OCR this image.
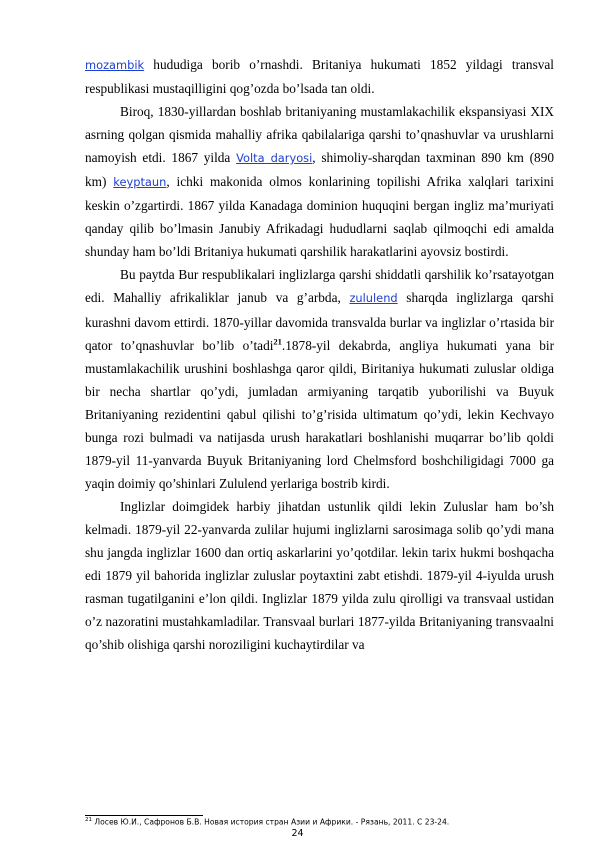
mozambik hududiga borib o’rnashdi. Britaniya hukumati 1852 yildagi transval respublikasi mustaqilligini qog’ozda bo’lsada tan oldi.

Biroq, 1830-yillardan boshlab britaniyaning mustamlakachilik ekspansiyasi XIX asrning qolgan qismida mahalliy afrika qabilalariga qarshi to’qnashuvlar va urushlarni namoyish etdi. 1867 yilda Volta daryosi, shimoliy-sharqdan taxminan 890 km (890 km) keyptaun, ichki makonida olmos konlarining topilishi Afrika xalqlari tarixini keskin o’zgartirdi. 1867 yilda Kanadaga dominion huquqini bergan ingliz ma’muriyati qanday qilib bo’lmasin Janubiy Afrikadagi hududlarni saqlab qilmoqchi edi amalda shunday ham bo’ldi Britaniya hukumati qarshilik harakatlarini ayovsiz bostirdi.

Bu paytda Bur respublikalari inglizlarga qarshi shiddatli qarshilik ko’rsatayotgan edi. Mahalliy afrikaliklar janub va g’arbda, zululend sharqda inglizlarga qarshi kurashni davom ettirdi. 1870-yillar davomida transvalda burlar va inglizlar o’rtasida bir qator to’qnashuvlar bo’lib o’tadi$^{21}$.1878-yil dekabrda, angliya hukumati yana bir mustamlakachilik urushini boshlashga qaror qildi, Biritaniya hukumati zuluslar oldiga bir necha shartlar qo’ydi, jumladan armiyaning tarqatib yuborilishi va Buyuk Britaniyaning rezidentini qabul qilishi to’g’risida ultimatum qo’ydi, lekin Kechvayo bunga rozi bulmadi va natijasda urush harakatlari boshlanishi muqarrar bo’lib qoldi 1879-yil 11-yanvarda Buyuk Britaniyaning lord Chelmsford boshchiligidagi 7000 ga yaqin doimiy qo’shinlari Zululend yerlariga bostrib kirdi.

Inglizlar doimgidek harbiy jihatdan ustunlik qildi lekin Zuluslar ham bo’sh kelmadi. 1879-yil 22-yanvarda zulilar hujumi inglizlarni sarosimaga solib qo’ydi mana shu jangda inglizlar 1600 dan ortiq askarlarini yo’qotdilar. lekin tarix hukmi boshqacha edi 1879 yil bahorida inglizlar zuluslar poytaxtini zabt etishdi. 1879-yil 4-iyulda urush rasman tugatilganini e’lon qildi. Inglizlar 1879 yilda zulu qirolligi va transvaal ustidan o’z nazoratini mustahkamladilar. Transvaal burlari 1877-yilda Britaniyaning transvaalni qo’shib olishiga qarshi noroziligini kuchaytirdilar va

$^{21}$ Лосев Ю.И., Сафронов Б.В. Новая история стран Азии и Африки. - Рязань, 2011. С 23-24.
24
